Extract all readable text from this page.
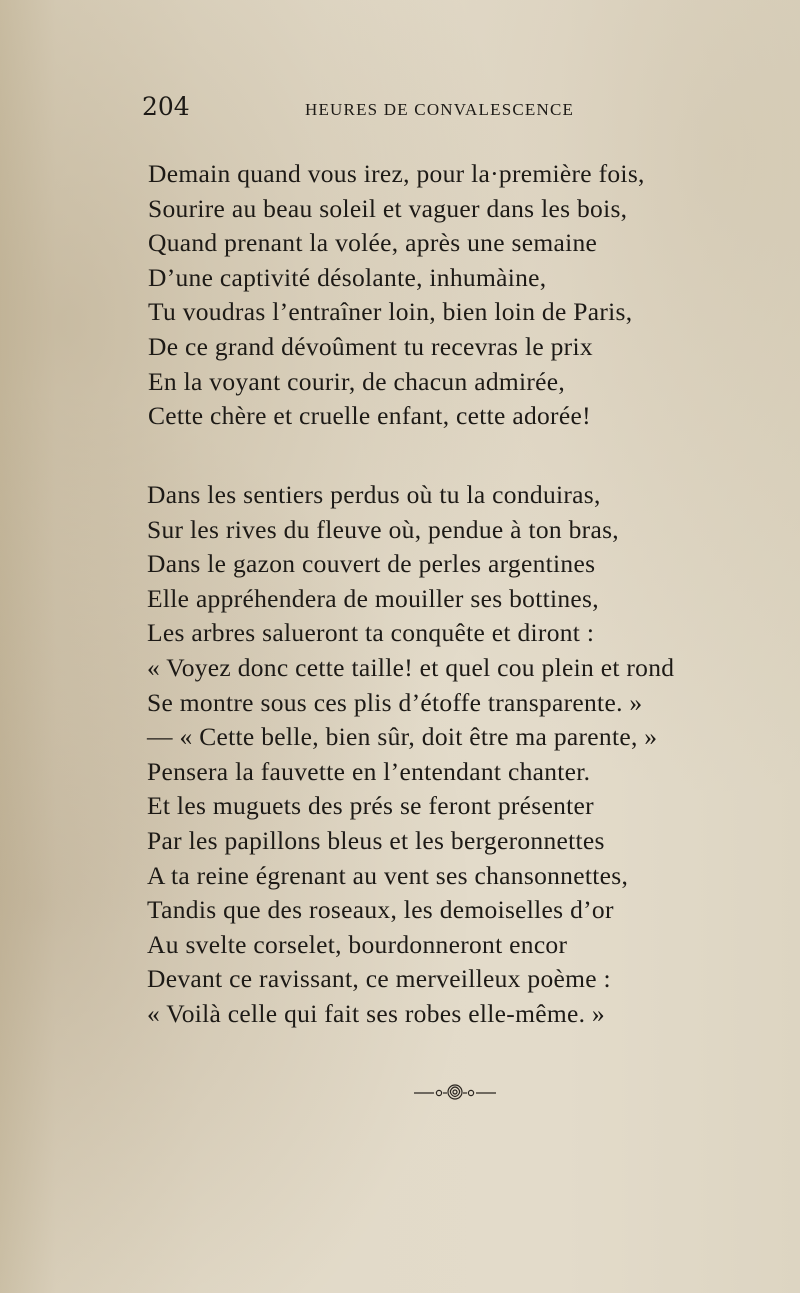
204	HEURES DE CONVALESCENCE
Demain quand vous irez, pour la·première fois,
Sourire au beau soleil et vaguer dans les bois,
Quand prenant la volée, après une semaine
D’une captivité désolante, inhumàine,
Tu voudras l’entraîner loin, bien loin de Paris,
De ce grand dévoûment tu recevras le prix
En la voyant courir, de chacun admirée,
Cette chère et cruelle enfant, cette adorée!
Dans les sentiers perdus où tu la conduiras,
Sur les rives du fleuve où, pendue à ton bras,
Dans le gazon couvert de perles argentines
Elle appréhendera de mouiller ses bottines,
Les arbres salueront ta conquête et diront :
« Voyez donc cette taille! et quel cou plein et rond
Se montre sous ces plis d’étoffe transparente. »
— « Cette belle, bien sûr, doit être ma parente, »
Pensera la fauvette en l’entendant chanter.
Et les muguets des prés se feront présenter
Par les papillons bleus et les bergeronnettes
A ta reine égrenant au vent ses chansonnettes,
Tandis que des roseaux, les demoiselles d’or
Au svelte corselet, bourdonneront encor
Devant ce ravissant, ce merveilleux poème :
« Voilà celle qui fait ses robes elle-même. »
